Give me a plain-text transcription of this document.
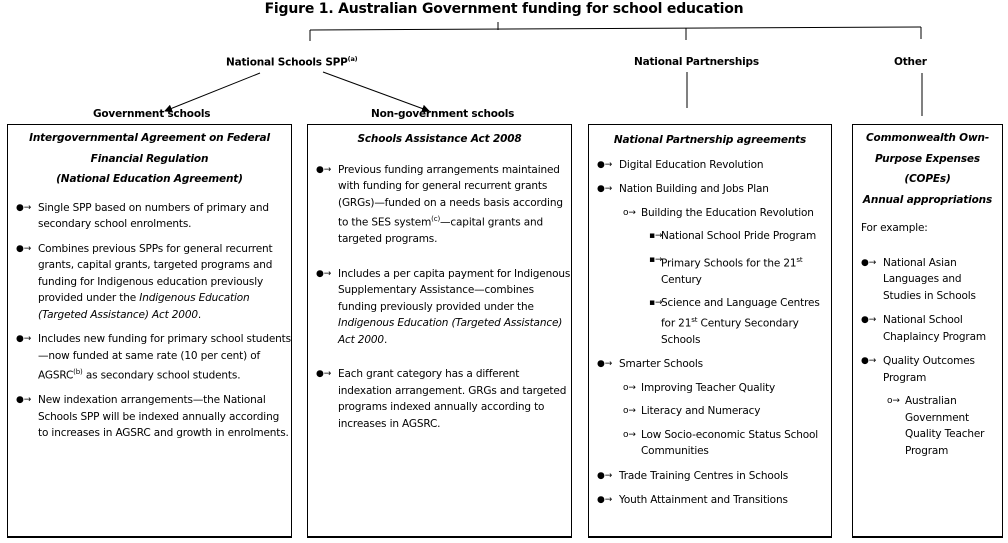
Figure 1. Australian Government funding for school education
National Schools SPP$^{(a)}$
Government schools	Non-government schools
National Partnerships	Other
Intergovernmental Agreement on Federal
Financial Regulation
(National Education Agreement)
●→ Single SPP based on numbers of primary and secondary school enrolments.
●→ Combines previous SPPs for general recurrent grants, capital grants, targeted programs and funding for Indigenous education previously provided under the Indigenous Education (Targeted Assistance) Act 2000.
●→ Includes new funding for primary school students—now funded at same rate (10 per cent) of AGSRC$^{(b)}$ as secondary school students.
●→ New indexation arrangements—the National Schools SPP will be indexed annually according to increases in AGSRC and growth in enrolments.
Schools Assistance Act 2008
●→ Previous funding arrangements maintained with funding for general recurrent grants (GRGs)—funded on a needs basis according to the SES system$^{(c)}$—capital grants and targeted programs.
●→ Includes a per capita payment for Indigenous Supplementary Assistance—combines funding previously provided under the Indigenous Education (Targeted Assistance) Act 2000.
●→ Each grant category has a different indexation arrangement. GRGs and targeted programs indexed annually according to increases in AGSRC.
National Partnership agreements
●→ Digital Education Revolution
●→ Nation Building and Jobs Plan
o→ Building the Education Revolution
▪→
National School Pride Program
▪→
Primary Schools for the 21st Century
▪→
Science and Language Centres for 21st Century Secondary Schools
●→ Smarter Schools
o→ Improving Teacher Quality
o→ Literacy and Numeracy
o→ Low Socio-economic Status School Communities
●→ Trade Training Centres in Schools
●→ Youth Attainment and Transitions
Commonwealth Own-
Purpose Expenses
(COPEs)
Annual appropriations
For example:
●→ National Asian Languages and Studies in Schools
●→ National School Chaplaincy Program
●→ Quality Outcomes Program
o→ Australian Government Quality Teacher Program
